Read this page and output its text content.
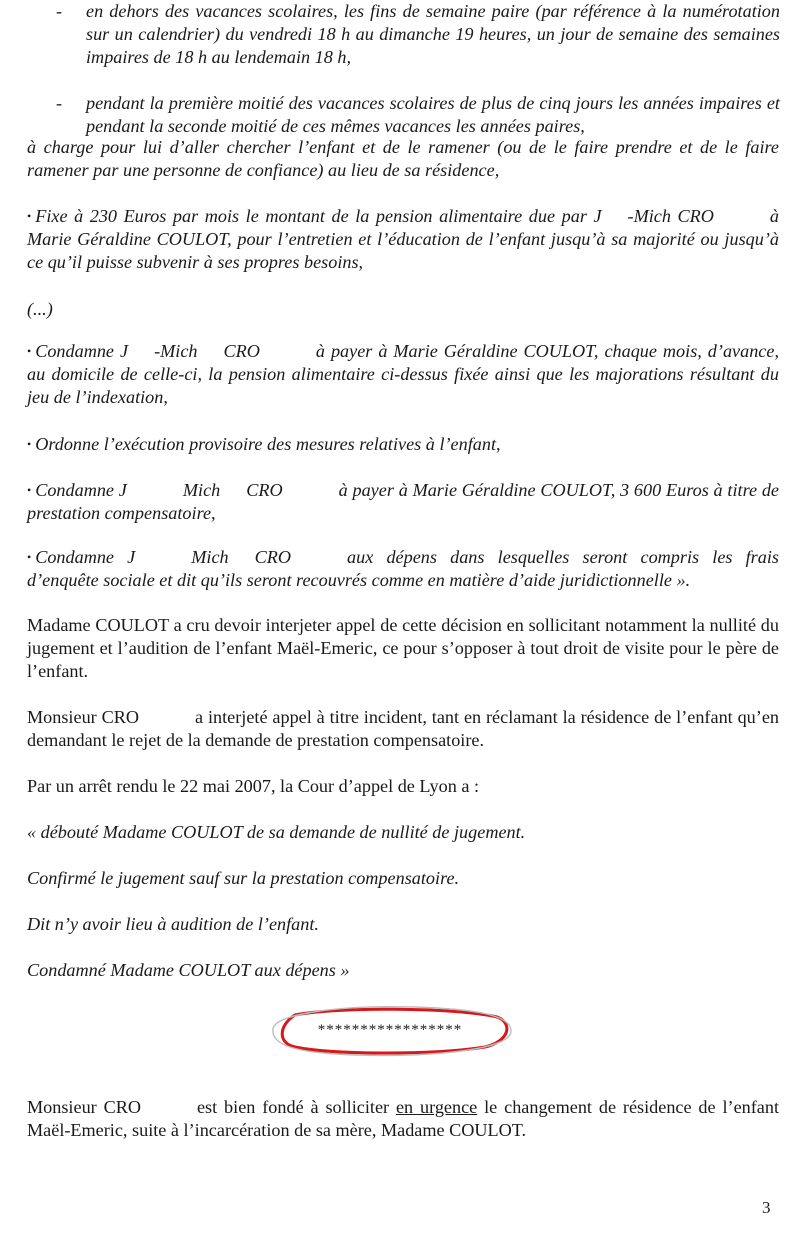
-	en dehors des vacances scolaires, les fins de semaine paire (par référence à la numérotation sur un calendrier) du vendredi 18 h au dimanche 19 heures, un jour de semaine des semaines impaires de 18 h au lendemain 18 h,
-	pendant la première moitié des vacances scolaires de plus de cinq jours les années impaires et pendant la seconde moitié de ces mêmes vacances les années paires,

à charge pour lui d’aller chercher l’enfant et de le ramener (ou de le faire prendre et de le faire ramener par une personne de confiance) au lieu de sa résidence,

• Fixe à 230 Euros par mois le montant de la pension alimentaire due par J -Mich CRO	à Marie Géraldine COULOT, pour l’entretien et l’éducation de l’enfant jusqu’à sa majorité ou jusqu’à ce qu’il puisse subvenir à ses propres besoins,

(...)

• Condamne J -Mich CRO	à payer à Marie Géraldine COULOT, chaque mois, d’avance, au domicile de celle-ci, la pension alimentaire ci-dessus fixée ainsi que les majorations résultant du jeu de l’indexation,

• Ordonne l’exécution provisoire des mesures relatives à l’enfant,

• Condamne J	Mich CRO	à payer à Marie Géraldine COULOT, 3 600 Euros à titre de prestation compensatoire,

• Condamne J	Mich CRO	aux dépens dans lesquelles seront compris les frais d’enquête sociale et dit qu’ils seront recouvrés comme en matière d’aide juridictionnelle ».

Madame COULOT a cru devoir interjeter appel de cette décision en sollicitant notamment la nullité du jugement et l’audition de l’enfant Maël-Emeric, ce pour s’opposer à tout droit de visite pour le père de l’enfant.

Monsieur CRO	a interjeté appel à titre incident, tant en réclamant la résidence de l’enfant qu’en demandant le rejet de la demande de prestation compensatoire.

Par un arrêt rendu le 22 mai 2007, la Cour d’appel de Lyon a :

« débouté Madame COULOT de sa demande de nullité de jugement.

Confirmé le jugement sauf sur la prestation compensatoire.

Dit n’y avoir lieu à audition de l’enfant.

Condamné Madame COULOT aux dépens »

*****************

Monsieur CRO	est bien fondé à solliciter en urgence le changement de résidence de l’enfant Maël-Emeric, suite à l’incarcération de sa mère, Madame COULOT.

3
